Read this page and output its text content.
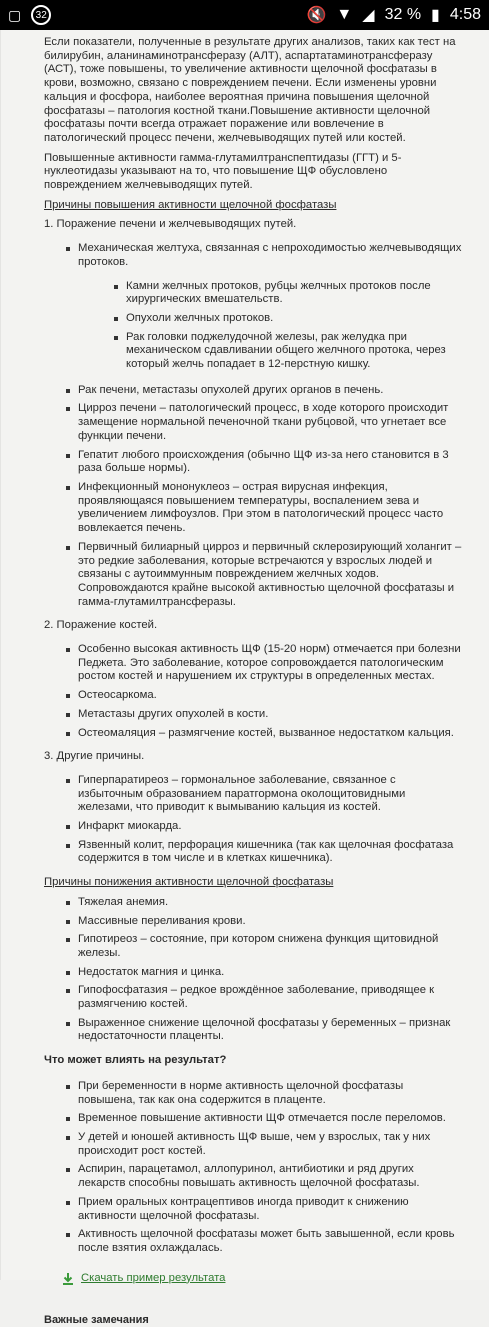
▢	32	🔇 ▼ ◢ 32 % ▮ 4:58

Если показатели, полученные в результате других анализов, таких как тест на билирубин, аланинаминотрансферазу (АЛТ), аспартатаминотрансферазу (АСТ), тоже повышены, то увеличение активности щелочной фосфатазы в крови, возможно, связано с повреждением печени. Если изменены уровни кальция и фосфора, наиболее вероятная причина повышения щелочной фосфатазы – патология костной ткани.Повышение активности щелочной фосфатазы почти всегда отражает поражение или вовлечение в патологический процесс печени, желчевыводящих путей или костей.

Повышенные активности гамма-глутамилтранспептидазы (ГГТ) и 5-нуклеотидазы указывают на то, что повышение ЩФ обусловлено повреждением желчевыводящих путей.

Причины повышения активности щелочной фосфатазы
1. Поражение печени и желчевыводящих путей.
Механическая желтуха, связанная с непроходимостью желчевыводящих протоков.
Камни желчных протоков, рубцы желчных протоков после хирургических вмешательств.
Опухоли желчных протоков.
Рак головки поджелудочной железы, рак желудка при механическом сдавливании общего желчного протока, через который желчь попадает в 12-перстную кишку.
Рак печени, метастазы опухолей других органов в печень.
Цирроз печени – патологический процесс, в ходе которого происходит замещение нормальной печеночной ткани рубцовой, что угнетает все функции печени.
Гепатит любого происхождения (обычно ЩФ из-за него становится в 3 раза больше нормы).
Инфекционный мононуклеоз – острая вирусная инфекция, проявляющаяся повышением температуры, воспалением зева и увеличением лимфоузлов. При этом в патологический процесс часто вовлекается печень.
Первичный билиарный цирроз и первичный склерозирующий холангит – это редкие заболевания, которые встречаются у взрослых людей и связаны с аутоиммунным повреждением желчных ходов. Сопровождаются крайне высокой активностью щелочной фосфатазы и гамма-глутамилтрансферазы.
2. Поражение костей.
Особенно высокая активность ЩФ (15-20 норм) отмечается при болезни Педжета. Это заболевание, которое сопровождается патологическим ростом костей и нарушением их структуры в определенных местах.
Остеосаркома.
Метастазы других опухолей в кости.
Остеомаляция – размягчение костей, вызванное недостатком кальция.
3. Другие причины.
Гиперпаратиреоз – гормональное заболевание, связанное с избыточным образованием паратгормона околощитовидными железами, что приводит к вымыванию кальция из костей.
Инфаркт миокарда.
Язвенный колит, перфорация кишечника (так как щелочная фосфатаза содержится в том числе и в клетках кишечника).
Причины понижения активности щелочной фосфатазы
Тяжелая анемия.
Массивные переливания крови.
Гипотиреоз – состояние, при котором снижена функция щитовидной железы.
Недостаток магния и цинка.
Гипофосфатазия – редкое врождённое заболевание, приводящее к размягчению костей.
Выраженное снижение щелочной фосфатазы у беременных – признак недостаточности плаценты.
Что может влиять на результат?
При беременности в норме активность щелочной фосфатазы повышена, так как она содержится в плаценте.
Временное повышение активности ЩФ отмечается после переломов.
У детей и юношей активность ЩФ выше, чем у взрослых, так у них происходит рост костей.
Аспирин, парацетамол, аллопуринол, антибиотики и ряд других лекарств способны повышать активность щелочной фосфатазы.
Прием оральных контрацептивов иногда приводит к снижению активности щелочной фосфатазы.
Активность щелочной фосфатазы может быть завышенной, если кровь после взятия охлаждалась.
Скачать пример результата
Важные замечания
